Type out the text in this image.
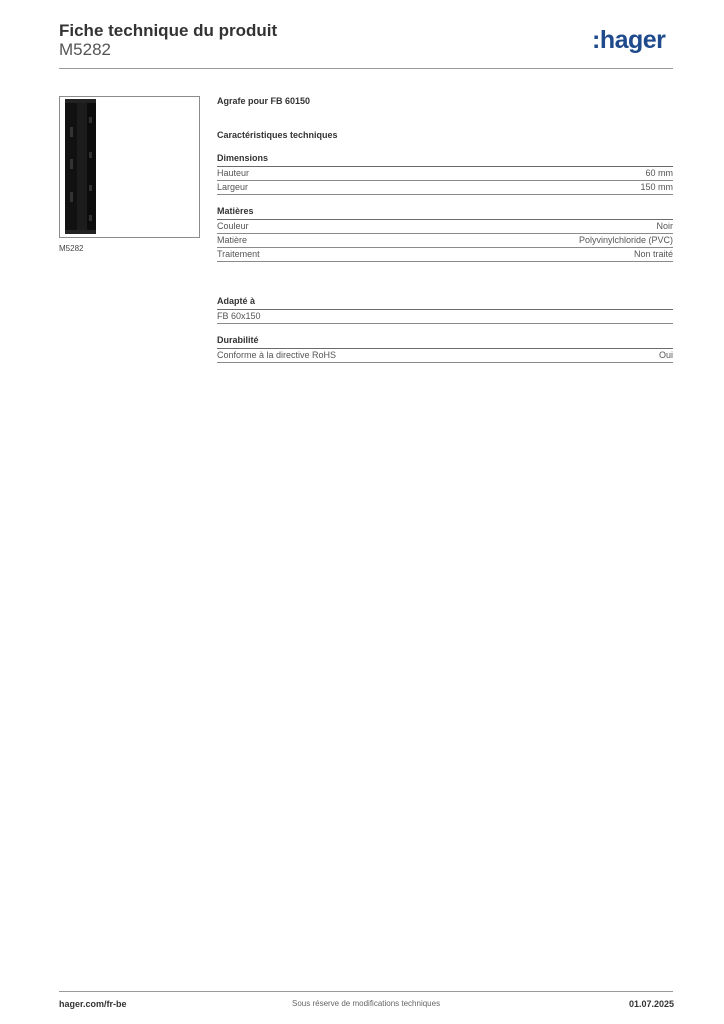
Fiche technique du produit
M5282	:hager
M5282
Agrafe pour FB 60150
Caractéristiques techniques
Dimensions
Hauteur	60 mm
Largeur	150 mm
Matières
Couleur	Noir
Matière	Polyvinylchloride (PVC)
Traitement	Non traité
Adapté à
FB 60x150
Durabilité
Conforme à la directive RoHS	Oui
hager.com/fr-be	Sous réserve de modifications techniques	01.07.2025
